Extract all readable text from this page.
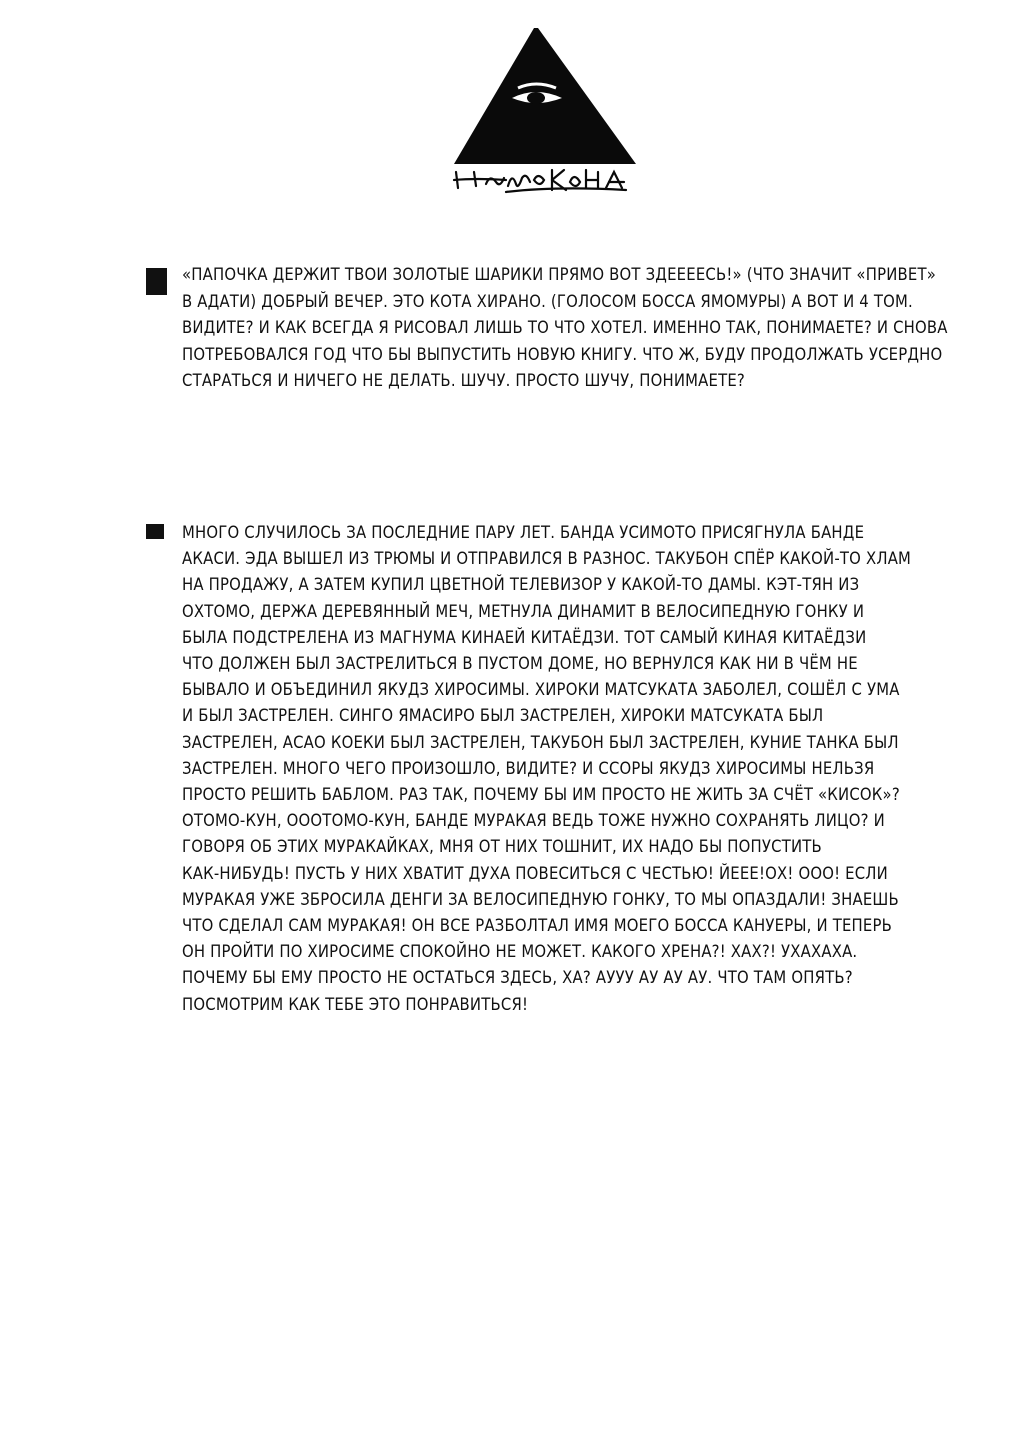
«ПАПОЧКА ДЕРЖИТ ТВОИ ЗОЛОТЫЕ ШАРИКИ ПРЯМО ВОТ ЗДЕЕЕЕСЬ!» (ЧТО ЗНАЧИТ «ПРИВЕТ»
В АДАТИ) ДОБРЫЙ ВЕЧЕР. ЭТО КОТА ХИРАНО. (ГОЛОСОМ БОССА ЯМОМУРЫ) А ВОТ И 4 ТОМ.
ВИДИТЕ? И КАК ВСЕГДА Я РИСОВАЛ ЛИШЬ ТО ЧТО ХОТЕЛ. ИМЕННО ТАК, ПОНИМАЕТЕ? И СНОВА
ПОТРЕБОВАЛСЯ ГОД ЧТО БЫ ВЫПУСТИТЬ НОВУЮ КНИГУ. ЧТО Ж, БУДУ ПРОДОЛЖАТЬ УСЕРДНО
СТАРАТЬСЯ И НИЧЕГО НЕ ДЕЛАТЬ. ШУЧУ. ПРОСТО ШУЧУ, ПОНИМАЕТЕ?
МНОГО СЛУЧИЛОСЬ ЗА ПОСЛЕДНИЕ ПАРУ ЛЕТ. БАНДА УСИМОТО ПРИСЯГНУЛА БАНДЕ
АКАСИ. ЭДА ВЫШЕЛ ИЗ ТРЮМЫ И ОТПРАВИЛСЯ В РАЗНОС. ТАКУБОН СПЁР КАКОЙ-ТО ХЛАМ
НА ПРОДАЖУ, А ЗАТЕМ КУПИЛ ЦВЕТНОЙ ТЕЛЕВИЗОР У КАКОЙ-ТО ДАМЫ. КЭТ-ТЯН ИЗ
ОХТОМО, ДЕРЖА ДЕРЕВЯННЫЙ МЕЧ, МЕТНУЛА ДИНАМИТ В ВЕЛОСИПЕДНУЮ ГОНКУ И
БЫЛА ПОДСТРЕЛЕНА ИЗ МАГНУМА КИНАЕЙ КИТАЁДЗИ. ТОТ САМЫЙ КИНАЯ КИТАЁДЗИ
ЧТО ДОЛЖЕН БЫЛ ЗАСТРЕЛИТЬСЯ В ПУСТОМ ДОМЕ, НО ВЕРНУЛСЯ КАК НИ В ЧЁМ НЕ
БЫВАЛО И ОБЪЕДИНИЛ ЯКУДЗ ХИРОСИМЫ. ХИРОКИ МАТСУКАТА ЗАБОЛЕЛ, СОШЁЛ С УМА
И БЫЛ ЗАСТРЕЛЕН. СИНГО ЯМАСИРО БЫЛ ЗАСТРЕЛЕН, ХИРОКИ МАТСУКАТА БЫЛ
ЗАСТРЕЛЕН, АСАО КОЕКИ БЫЛ ЗАСТРЕЛЕН, ТАКУБОН БЫЛ ЗАСТРЕЛЕН, КУНИЕ ТАНКА БЫЛ
ЗАСТРЕЛЕН. МНОГО ЧЕГО ПРОИЗОШЛО, ВИДИТЕ? И ССОРЫ ЯКУДЗ ХИРОСИМЫ НЕЛЬЗЯ
ПРОСТО РЕШИТЬ БАБЛОМ. РАЗ ТАК, ПОЧЕМУ БЫ ИМ ПРОСТО НЕ ЖИТЬ ЗА СЧЁТ «КИСОК»?
ОТОМО-КУН, ОООТОМО-КУН, БАНДЕ МУРАКАЯ ВЕДЬ ТОЖЕ НУЖНО СОХРАНЯТЬ ЛИЦО? И
ГОВОРЯ ОБ ЭТИХ МУРАКАЙКАХ, МНЯ ОТ НИХ ТОШНИТ, ИХ НАДО БЫ ПОПУСТИТЬ
КАК-НИБУДЬ! ПУСТЬ У НИХ ХВАТИТ ДУХА ПОВЕСИТЬСЯ С ЧЕСТЬЮ! ЙЕЕЕ!ОХ! ООО! ЕСЛИ
МУРАКАЯ УЖЕ ЗБРОСИЛА ДЕНГИ ЗА ВЕЛОСИПЕДНУЮ ГОНКУ, ТО МЫ ОПАЗДАЛИ! ЗНАЕШЬ
ЧТО СДЕЛАЛ САМ МУРАКАЯ! ОН ВСЕ РАЗБОЛТАЛ ИМЯ МОЕГО БОССА КАНУЕРЫ, И ТЕПЕРЬ
ОН ПРОЙТИ ПО ХИРОСИМЕ СПОКОЙНО НЕ МОЖЕТ. КАКОГО ХРЕНА?! ХАХ?! УХАХАХА.
ПОЧЕМУ БЫ ЕМУ ПРОСТО НЕ ОСТАТЬСЯ ЗДЕСЬ, ХА? АУУУ АУ АУ АУ. ЧТО ТАМ ОПЯТЬ?
ПОСМОТРИМ КАК ТЕБЕ ЭТО ПОНРАВИТЬСЯ!
